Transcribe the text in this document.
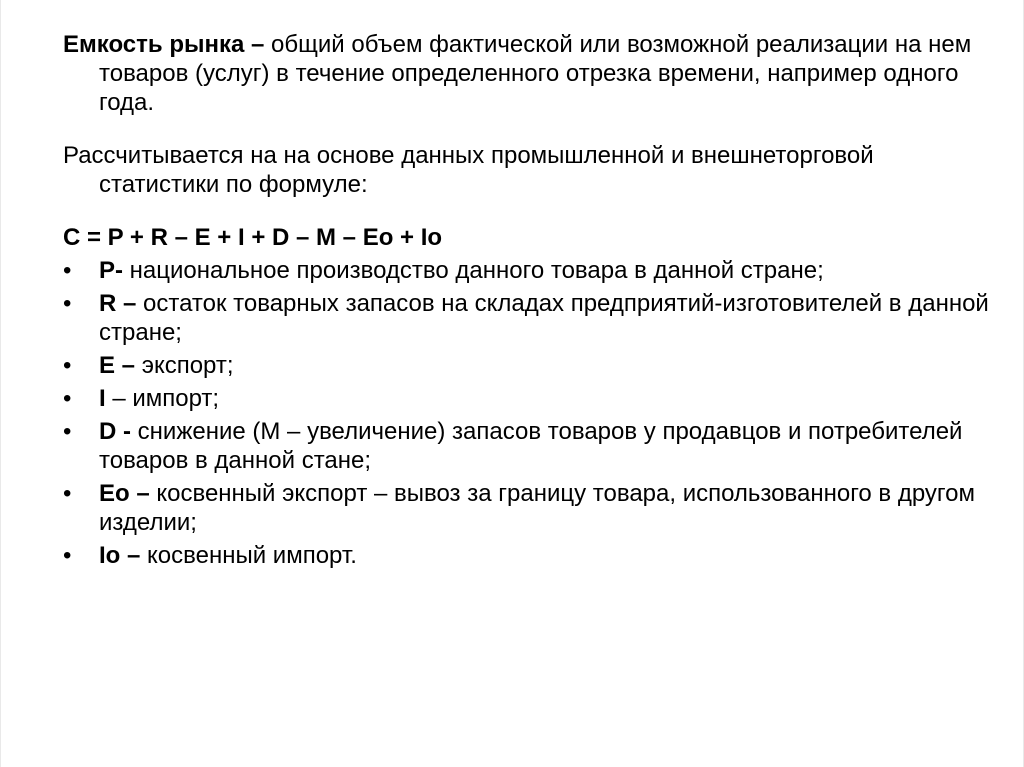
Емкость рынка – общий объем фактической или возможной реализации на нем товаров (услуг) в течение определенного отрезка времени, например одного года.

Рассчитывается на на основе данных промышленной и внешнеторговой статистики по формуле:

С = P + R – E + I + D – M – Eo + Io
•	P- национальное производство данного товара в данной стране;
•	R – остаток товарных запасов на складах предприятий-изготовителей в данной стране;
•	E – экспорт;
•	I – импорт;
•	D - снижение (M – увеличение) запасов товаров у продавцов и потребителей товаров в данной стане;
•	Eo – косвенный экспорт – вывоз за границу товара, использованного в другом изделии;
•	Io – косвенный импорт.
